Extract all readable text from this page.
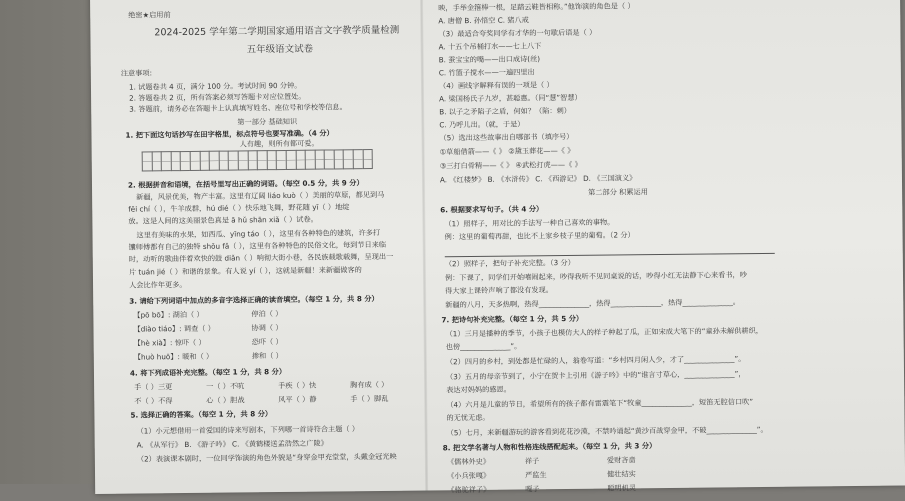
绝密★启用前
2024-2025 学年第二学期国家通用语言文字教学质量检测
五年级语文试卷
注意事项:
1. 试题卷共 4 页，满分 100 分。考试时间 90 分钟。
2. 答题卷共 2 页，所有答案必须写答题卡对应位置处。
3. 答题前，请务必在答题卡上认真填写姓名、座位号和学校等信息。
第一部分 基础知识
1. 把下面这句话抄写在田字格里，标点符号也要写准确。（4 分）
人有趣，则所有都可爱。
2. 根据拼音和语境，在括号里写出正确的词语。（每空 0.5 分，共 9 分）
新疆，风景优美，物产丰富。这里有辽阔 liáo kuò（ ）美丽的草原，都见到马
fēi chí（ ），牛羊成群，hú dié（ ）快乐地飞舞，野花随 yī（ ）地绽
放。这是人间的这美丽景色真是 ā hǔ shān xiǎ（ ）试卷。
这里有美味的水果，如西瓜、yīng táo（ ），这里有各种特色的建筑，许多打
馕师傅都有自己的独特 shǒu fǎ（ ），这里有各种特色的民俗文化，每到节日来临
时，动听的歌曲伴着欢快的鼓 diǎn（ ）响彻大街小巷，各民族载歌载舞，呈现出一
片 tuán jié（ ）和谐的景象。有人说 yí（ ），这就是新疆！来新疆做客的
人会比作年更多。
3. 请给下列词语中加点的多音字选择正确的读音填空。（每空 1 分，共 8 分）
【pō bō】: 湖泊（ ）	停泊（ ）
【diào tiáo】: 调查（ ）	协调（ ）
【hè xià】: 惊吓（ ）	恐吓（ ）
【huò huō】: 暖和（ ）	掺和（ ）
4. 将下列成语补充完整。（每空 1 分，共 8 分）
手（ ）三更	一（ ）不吭	手疾（ ）快	胸有成（ ）
不（ ）不得	心（ ）胆战	风平（ ）静	手（ ）脚乱
5. 选择正确的答案。（每空 1 分，共 8 分）
（1）小元想借用一首爱国的诗来写剧本，下列哪一首诗符合主题（ ）
A. 《从军行》 B. 《游子吟》 C. 《黄鹤楼送孟浩然之广陵》
（2）表演课本剧时，一位同学饰演的角色外貌是“身穿金甲充堂堂，头戴金冠光映
映，手举金箍棒一根，足踏云鞋皆相称。”他饰演的角色是（ ）
A. 唐僧 B. 孙悟空 C. 猪八戒
（3）最适合夸奖同学有才华的一句歇后语是（ ）
A. 十五个吊桶打水——七上八下
B. 蚕宝宝的嘴——出口成诗(丝)
C. 竹篮子搅水——一遍四里出
（4）画线字解释有误的一项是（ ）
A. 梁国杨氏子九岁，甚聪惠。（同“慧”智慧）
B. 以子之矛陷子之盾，何如？（陷：刺）
C. 乃呼儿出。（就，于是）
（5）选出这些故事出自哪部书（填序号）
①草船借箭——《 》 ②黛玉葬花——《 》
③三打白骨精——《 》 ④武松打虎——《 》
A. 《红楼梦》 B. 《水浒传》 C. 《西游记》 D. 《三国演义》
第二部分 积累运用
6. 根据要求写句子。（共 4 分）
（1）照样子，用对比的手法写一种自己喜欢的事物。
例：这里的葡萄再甜，也比不上家乡枝子里的葡萄。（2 分）
（2）照样子，把句子补充完整。（3 分）
例：下课了，同学们开始嘻闹起来，吵得我听不见同桌说的话，吵得小红无法静下心来看书，吵
得大家上课铃声响了都没有发现。
新疆的八月，天多热啊，热得______________，热得______________，热得______________。
7. 把诗句补充完整。（每空 1 分，共 5 分）
（1）三月是播种的季节，小孩子也模仿大人的样子种起了瓜，正如宋成大笔下的“童孙未解供耕织，
也傍______________”。
（2）四月的乡村，到处都是忙碌的人，翁卷写道：“乡村四月闲人少，才了______________”。
（3）五月的母亲节到了，小宁在贺卡上引用《游子吟》中的“谁言寸草心，______________”，
表达对妈妈的感恩。
（4）六月是儿童的节日，希望所有的孩子都有雷震笔下“牧童______________，短笛无腔信口吹”
的无忧无虑。
（5）七月，来新疆游玩的游客看到花花沙漠，不禁吟诵起“黄沙百战穿金甲，不破______________”。
8. 把文学名著与人物和性格连线搭配起来。（每空 1 分，共 3 分）
《儒林外史》	祥子	爱财吝啬
《小兵张嘎》	严监生	健壮结实
《骆驼祥子》	嘎子	聪明机灵
